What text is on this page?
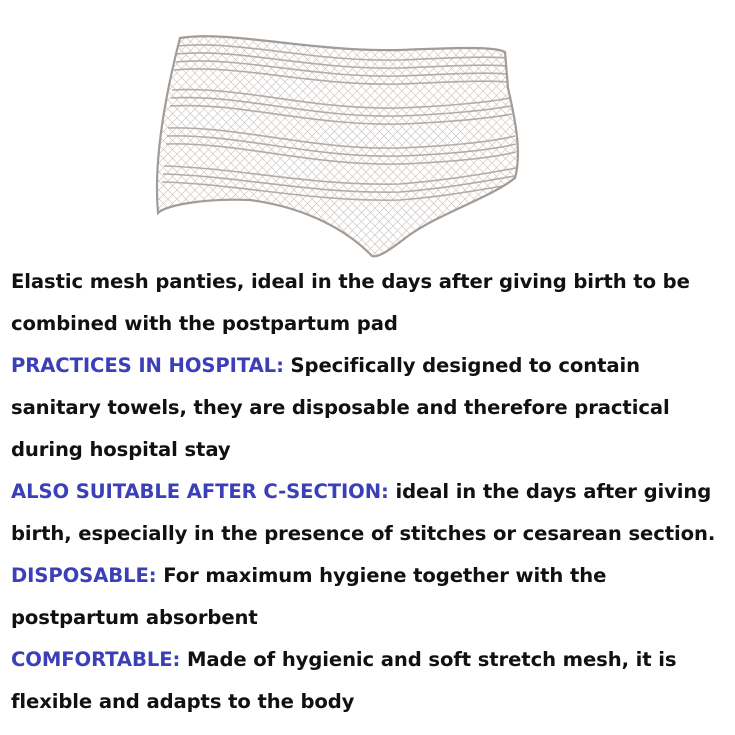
Elastic mesh panties, ideal in the days after giving birth to be combined with the postpartum pad

PRACTICES IN HOSPITAL: Specifically designed to contain sanitary towels, they are disposable and therefore practical during hospital stay

ALSO SUITABLE AFTER C-SECTION: ideal in the days after giving birth, especially in the presence of stitches or cesarean section.

DISPOSABLE: For maximum hygiene together with the postpartum absorbent

COMFORTABLE: Made of hygienic and soft stretch mesh, it is flexible and adapts to the body
